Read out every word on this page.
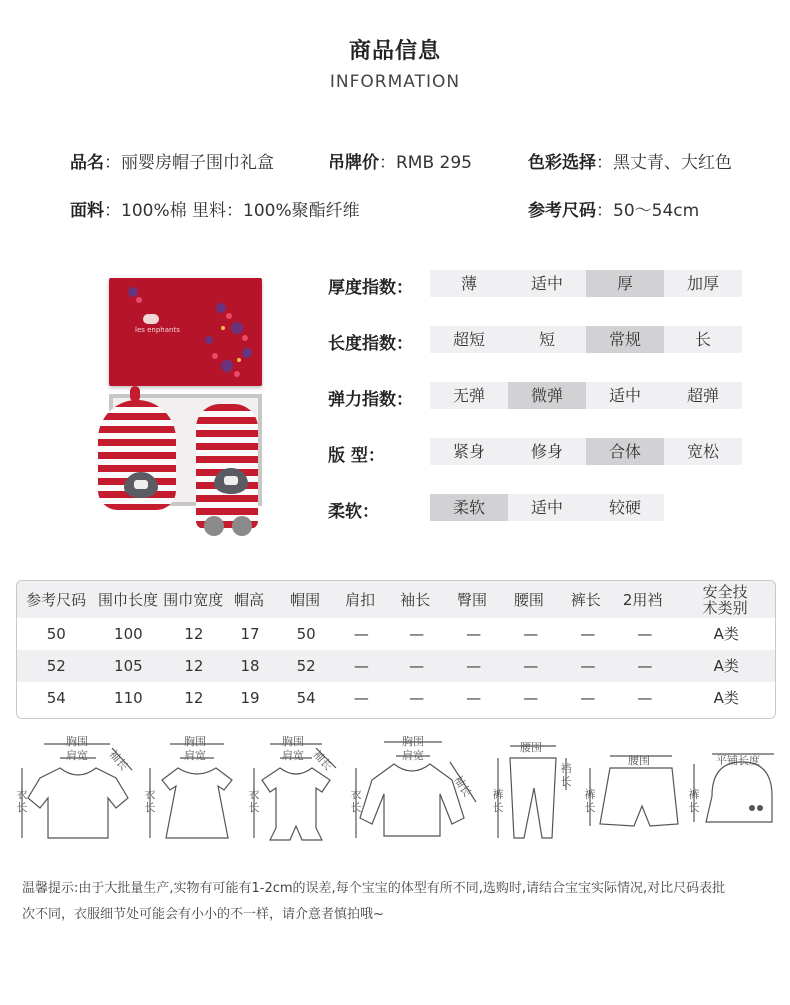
商品信息
INFORMATION
品名：丽婴房帽子围巾礼盒	吊牌价：RMB 295	色彩选择：黑丈青、大红色
面料：100%棉 里料：100%聚酯纤维	参考尺码：50～54cm
les enphants
厚度指数：	薄	适中	厚	加厚
长度指数：	超短	短	常规	长
弹力指数：	无弹	微弹	适中	超弹
版 型：	紧身	修身	合体	宽松
柔软：	柔软	适中	较硬
参考尺码 围巾长度 围巾宽度 帽高	帽围	肩扣	袖长	臀围	腰围	裤长	2用裆	安全技术类别
50	100	12	17	50	—	—	—	—	—	—	A类
52	105	12	18	52	—	—	—	—	—	—	A类
54	110	12	19	54	—	—	—	—	—	—	A类
胸围
肩宽 袖长
衣长
胸围
肩宽
衣长
胸围
肩宽 袖长
衣长
胸围
肩宽
袖长
衣长
腰围
裤长
裆长
腰围
裤长
平铺长度
裤长
温馨提示:由于大批量生产,实物有可能有1-2cm的误差,每个宝宝的体型有所不同,选购时,请结合宝宝实际情况,对比尺码表批
次不同，衣服细节处可能会有小小的不一样，请介意者慎拍哦~
